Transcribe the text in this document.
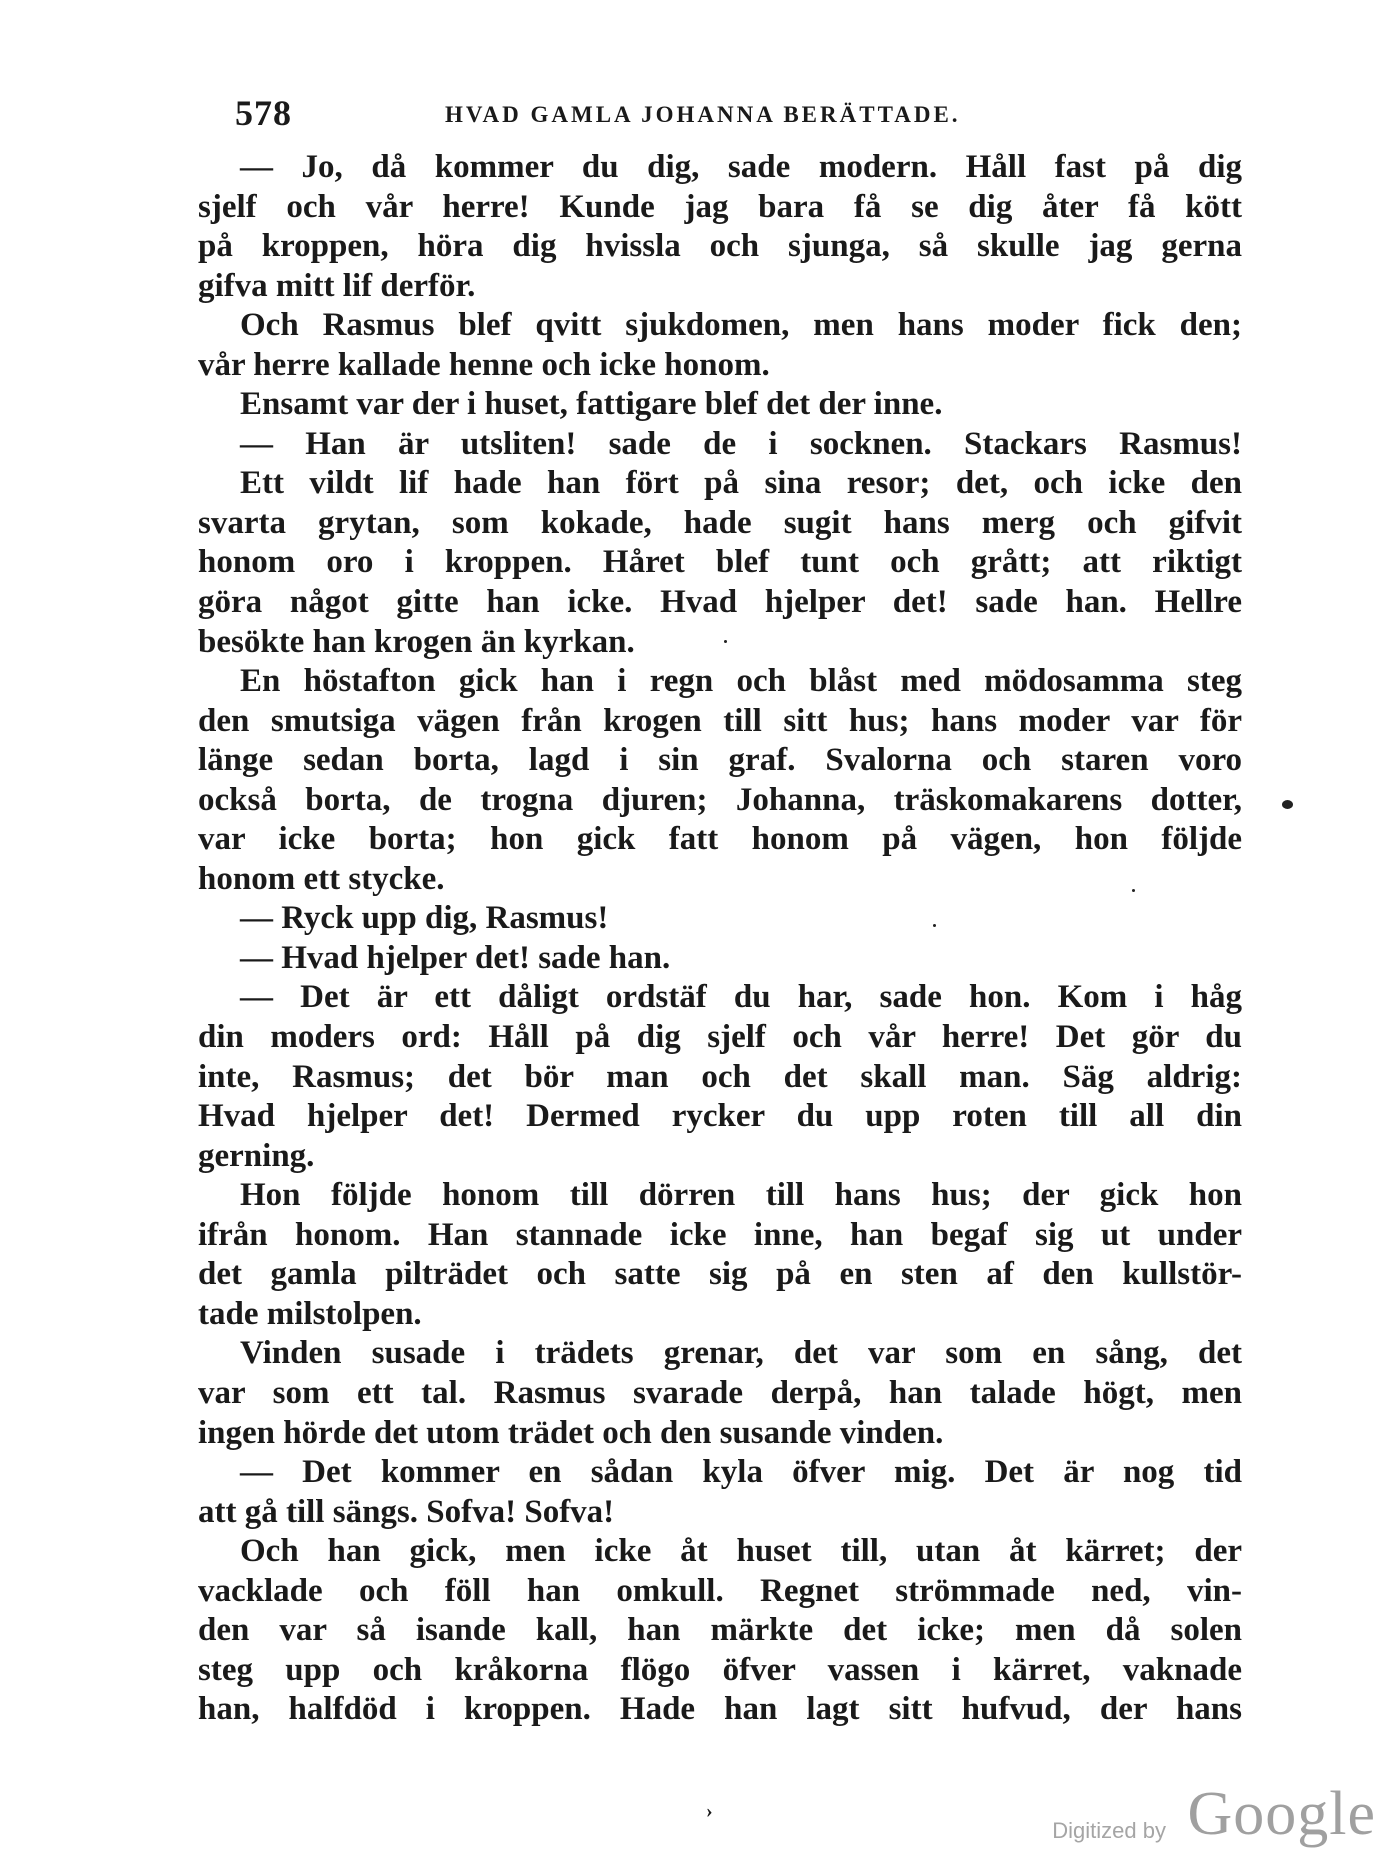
578	HVAD GAMLA JOHANNA BERÄTTADE.
— Jo, då kommer du dig, sade modern. Håll fast på dig
sjelf och vår herre! Kunde jag bara få se dig åter få kött
på kroppen, höra dig hvissla och sjunga, så skulle jag gerna
gifva mitt lif derför.
Och Rasmus blef qvitt sjukdomen, men hans moder fick den;
vår herre kallade henne och icke honom.
Ensamt var der i huset, fattigare blef det der inne.
— Han är utsliten! sade de i socknen. Stackars Rasmus!
Ett vildt lif hade han fört på sina resor; det, och icke den
svarta grytan, som kokade, hade sugit hans merg och gifvit
honom oro i kroppen. Håret blef tunt och grått; att riktigt
göra något gitte han icke. Hvad hjelper det! sade han. Hellre
besökte han krogen än kyrkan.
En höstafton gick han i regn och blåst med mödosamma steg
den smutsiga vägen från krogen till sitt hus; hans moder var för
länge sedan borta, lagd i sin graf. Svalorna och staren voro
också borta, de trogna djuren; Johanna, träskomakarens dotter,
var icke borta; hon gick fatt honom på vägen, hon följde
honom ett stycke.
— Ryck upp dig, Rasmus!
— Hvad hjelper det! sade han.
— Det är ett dåligt ordstäf du har, sade hon. Kom i håg
din moders ord: Håll på dig sjelf och vår herre! Det gör du
inte, Rasmus; det bör man och det skall man. Säg aldrig:
Hvad hjelper det! Dermed rycker du upp roten till all din
gerning.
Hon följde honom till dörren till hans hus; der gick hon
ifrån honom. Han stannade icke inne, han begaf sig ut under
det gamla pilträdet och satte sig på en sten af den kullstör-
tade milstolpen.
Vinden susade i trädets grenar, det var som en sång, det
var som ett tal. Rasmus svarade derpå, han talade högt, men
ingen hörde det utom trädet och den susande vinden.
— Det kommer en sådan kyla öfver mig. Det är nog tid
att gå till sängs. Sofva! Sofva!
Och han gick, men icke åt huset till, utan åt kärret; der
vacklade och föll han omkull. Regnet strömmade ned, vin-
den var så isande kall, han märkte det icke; men då solen
steg upp och kråkorna flögo öfver vassen i kärret, vaknade
han, halfdöd i kroppen. Hade han lagt sitt hufvud, der hans
›
Digitized by Google
